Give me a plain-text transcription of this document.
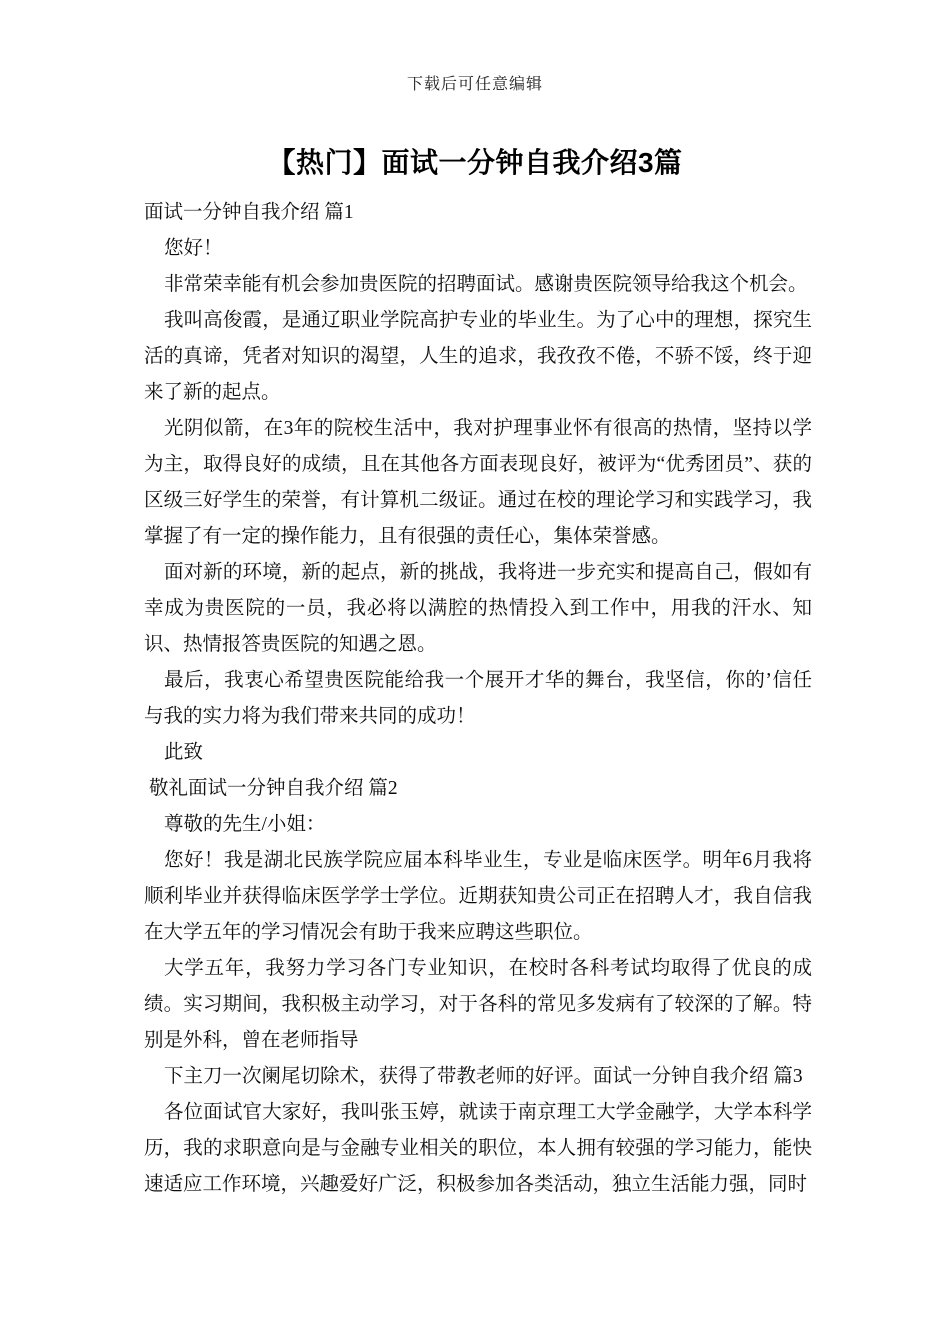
下载后可任意编辑
【热门】面试一分钟自我介绍3篇

面试一分钟自我介绍 篇1

您好！

非常荣幸能有机会参加贵医院的招聘面试。感谢贵医院领导给我这个机会。

我叫高俊霞，是通辽职业学院高护专业的毕业生。为了心中的理想，探究生活的真谛，凭者对知识的渴望，人生的追求，我孜孜不倦，不骄不馁，终于迎来了新的起点。

光阴似箭，在3年的院校生活中，我对护理事业怀有很高的热情，坚持以学为主，取得良好的成绩，且在其他各方面表现良好，被评为“优秀团员”、获的区级三好学生的荣誉，有计算机二级证。通过在校的理论学习和实践学习，我掌握了有一定的操作能力，且有很强的责任心，集体荣誉感。

面对新的环境，新的起点，新的挑战，我将进一步充实和提高自己，假如有幸成为贵医院的一员，我必将以满腔的热情投入到工作中，用我的汗水、知识、热情报答贵医院的知遇之恩。

最后，我衷心希望贵医院能给我一个展开才华的舞台，我坚信，你的’信任与我的实力将为我们带来共同的成功！

此致

敬礼面试一分钟自我介绍 篇2

尊敬的先生/小姐：

您好！我是湖北民族学院应届本科毕业生，专业是临床医学。明年6月我将顺利毕业并获得临床医学学士学位。近期获知贵公司正在招聘人才，我自信我在大学五年的学习情况会有助于我来应聘这些职位。

大学五年，我努力学习各门专业知识，在校时各科考试均取得了优良的成绩。实习期间，我积极主动学习，对于各科的常见多发病有了较深的了解。特别是外科，曾在老师指导

下主刀一次阑尾切除术，获得了带教老师的好评。面试一分钟自我介绍 篇3

各位面试官大家好，我叫张玉婷，就读于南京理工大学金融学，大学本科学历，我的求职意向是与金融专业相关的职位，本人拥有较强的学习能力，能快速适应工作环境，兴趣爱好广泛，积极参加各类活动，独立生活能力强，同时
